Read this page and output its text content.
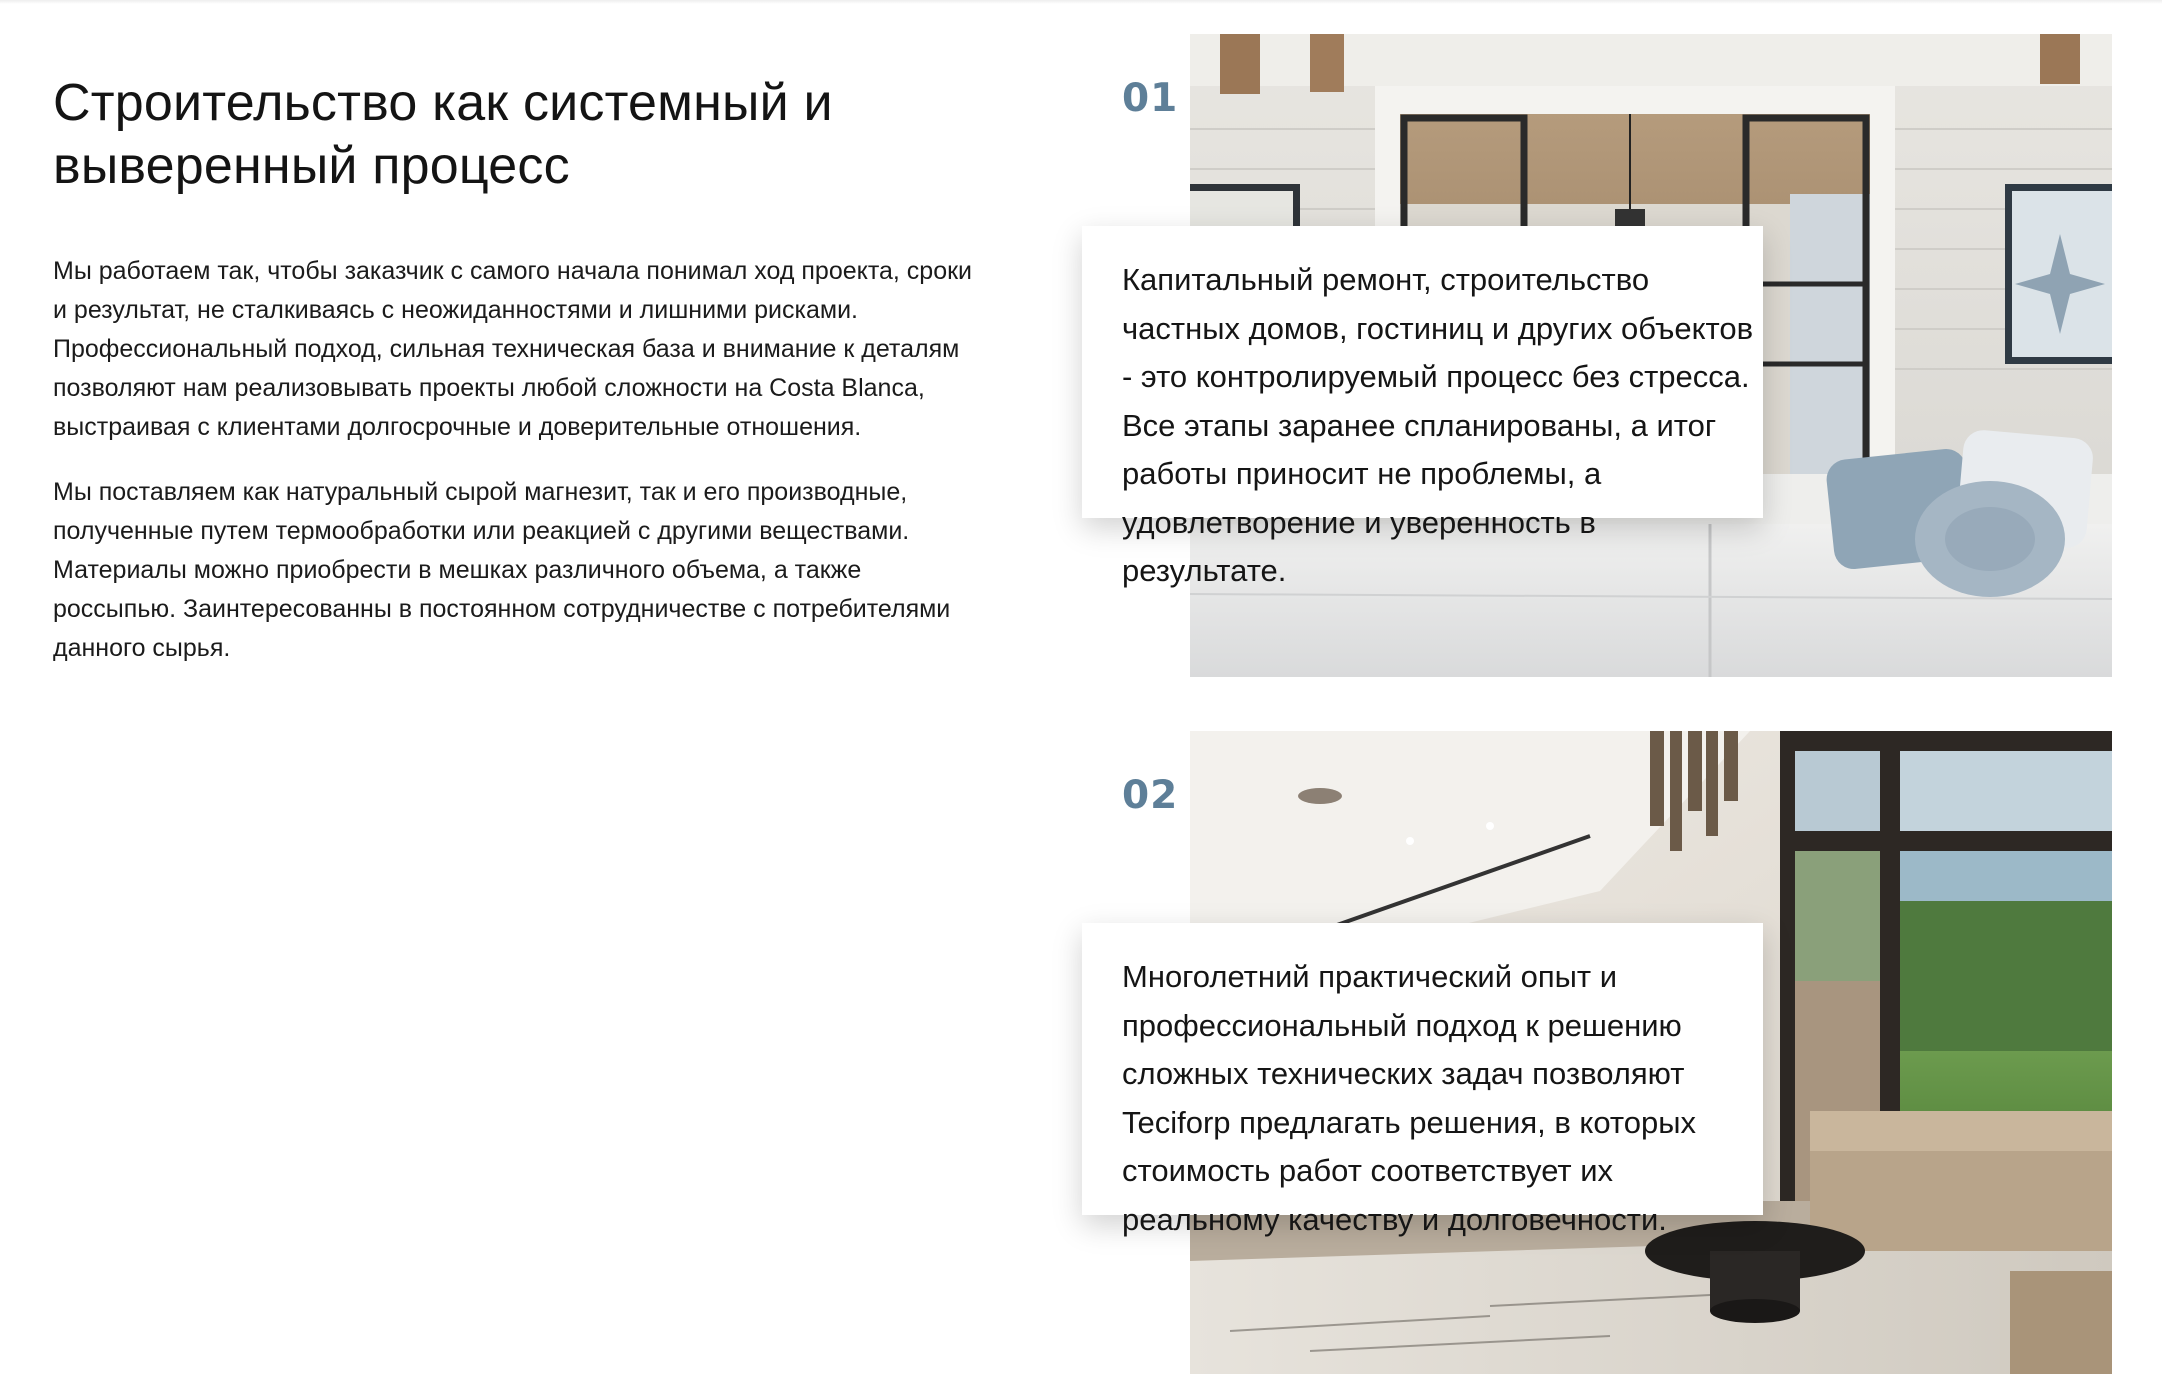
Строительство как системный и выверенный процесс

Мы работаем так, чтобы заказчик с самого начала понимал ход проекта, сроки и результат, не сталкиваясь с неожиданностями и лишними рисками. Профессиональный подход, сильная техническая база и внимание к деталям позволяют нам реализовывать проекты любой сложности на Costa Blanca, выстраивая с клиентами долгосрочные и доверительные отношения.

Мы поставляем как натуральный сырой магнезит, так и его производные, полученные путем термообработки или реакцией с другими веществами. Материалы можно приобрести в мешках различного объема, а также россыпью. Заинтересованны в постоянном сотрудничестве с потребителями данного сырья.

01

Капитальный ремонт, строительство частных домов, гостиниц и других объектов - это контролируемый процесс без стресса. Все этапы заранее спланированы, а итог работы приносит не проблемы, а удовлетворение и уверенность в результате.

02

Многолетний практический опыт и профессиональный подход к решению сложных технических задач позволяют Teciforp предлагать решения, в которых стоимость работ соответствует их реальному качеству и долговечности.
